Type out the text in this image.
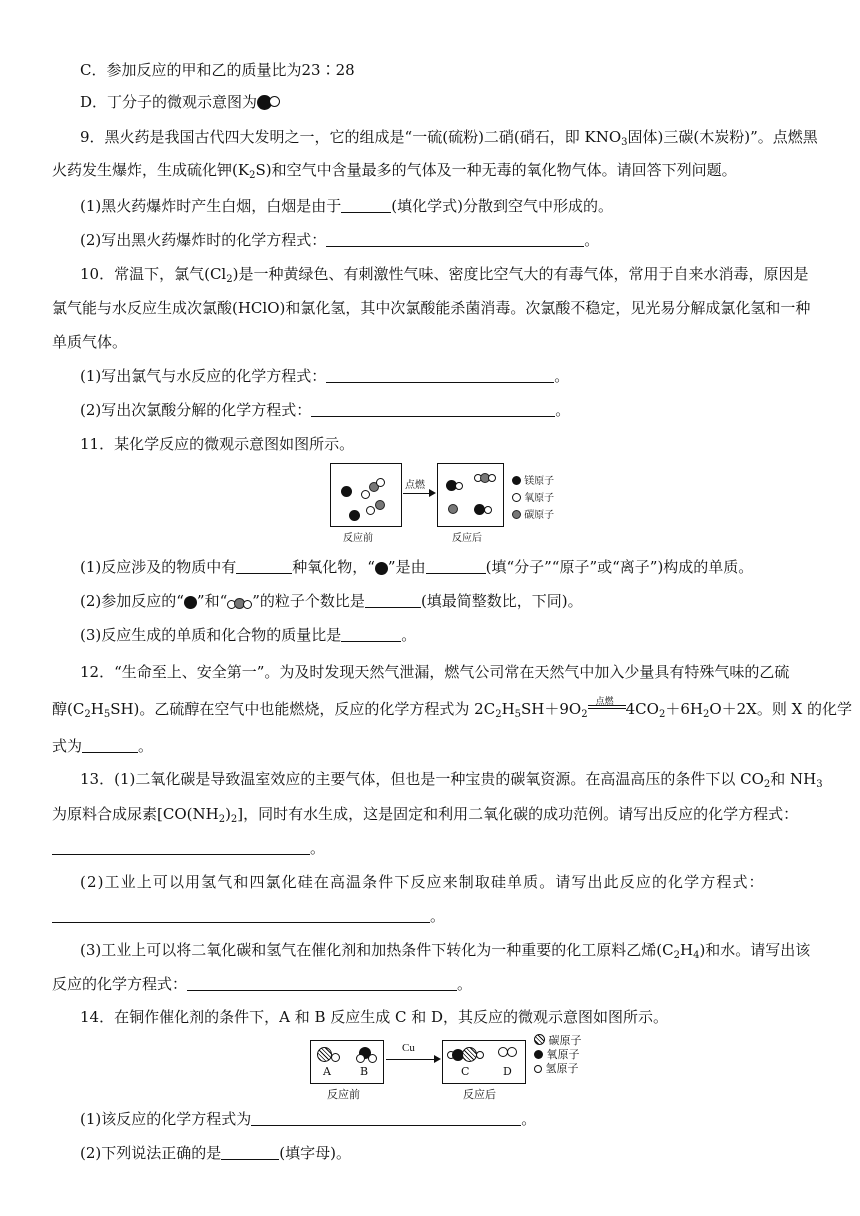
C．参加反应的甲和乙的质量比为23∶28
D．丁分子的微观示意图为
9．黑火药是我国古代四大发明之一，它的组成是“一硫(硫粉)二硝(硝石，即 $KNO_3$固体)三碳(木炭粉)”。点燃黑
火药发生爆炸，生成硫化钾$(K_2S)$和空气中含量最多的气体及一种无毒的氧化物气体。请回答下列问题。
(1)黑火药爆炸时产生白烟，白烟是由于	(填化学式)分散到空气中形成的。
(2)写出黑火药爆炸时的化学方程式：	。
10．常温下，氯气$(Cl_2)$是一种黄绿色、有刺激性气味、密度比空气大的有毒气体，常用于自来水消毒，原因是
氯气能与水反应生成次氯酸(HClO)和氯化氢，其中次氯酸能杀菌消毒。次氯酸不稳定，见光易分解成氯化氢和一种
单质气体。
(1)写出氯气与水反应的化学方程式：	。
(2)写出次氯酸分解的化学方程式：	。
11．某化学反应的微观示意图如图所示。
反应前
点燃
反应后
镁原子
氧原子
碳原子
(1)反应涉及的物质中有	种氧化物，“ ”是由	(填“分子”“原子”或“离子”)构成的单质。
(2)参加反应的“ ”和“ ”的粒子个数比是	(填最简整数比，下同)。
(3)反应生成的单质和化合物的质量比是	。
12．“生命至上、安全第一”。为及时发现天然气泄漏，燃气公司常在天然气中加入少量具有特殊气味的乙硫
醇$(C_2H_5SH)$。乙硫醇在空气中也能燃烧，反应的化学方程式为 $2C_2H_5SH+9O_2$
点燃 $4CO_2+6H_2O+2X$。则 X 的化学
式为	。
13．(1)二氧化碳是导致温室效应的主要气体，但也是一种宝贵的碳氧资源。在高温高压的条件下以 $CO_2$和 $NH_3$
为原料合成尿素$[CO(NH_2)_2]$，同时有水生成，这是固定和利用二氧化碳的成功范例。请写出反应的化学方程式：
。
(2)工业上可以用氢气和四氯化硅在高温条件下反应来制取硅单质。请写出此反应的化学方程式：
。
(3)工业上可以将二氧化碳和氢气在催化剂和加热条件下转化为一种重要的化工原料乙烯$(C_2H_4)$和水。请写出该
反应的化学方程式：	。
14．在铜作催化剂的条件下，A 和 B 反应生成 C 和 D，其反应的微观示意图如图所示。
A	B
反应前
Cu
C	D
反应后
碳原子
氧原子
氢原子
(1)该反应的化学方程式为	。
(2)下列说法正确的是	(填字母)。
